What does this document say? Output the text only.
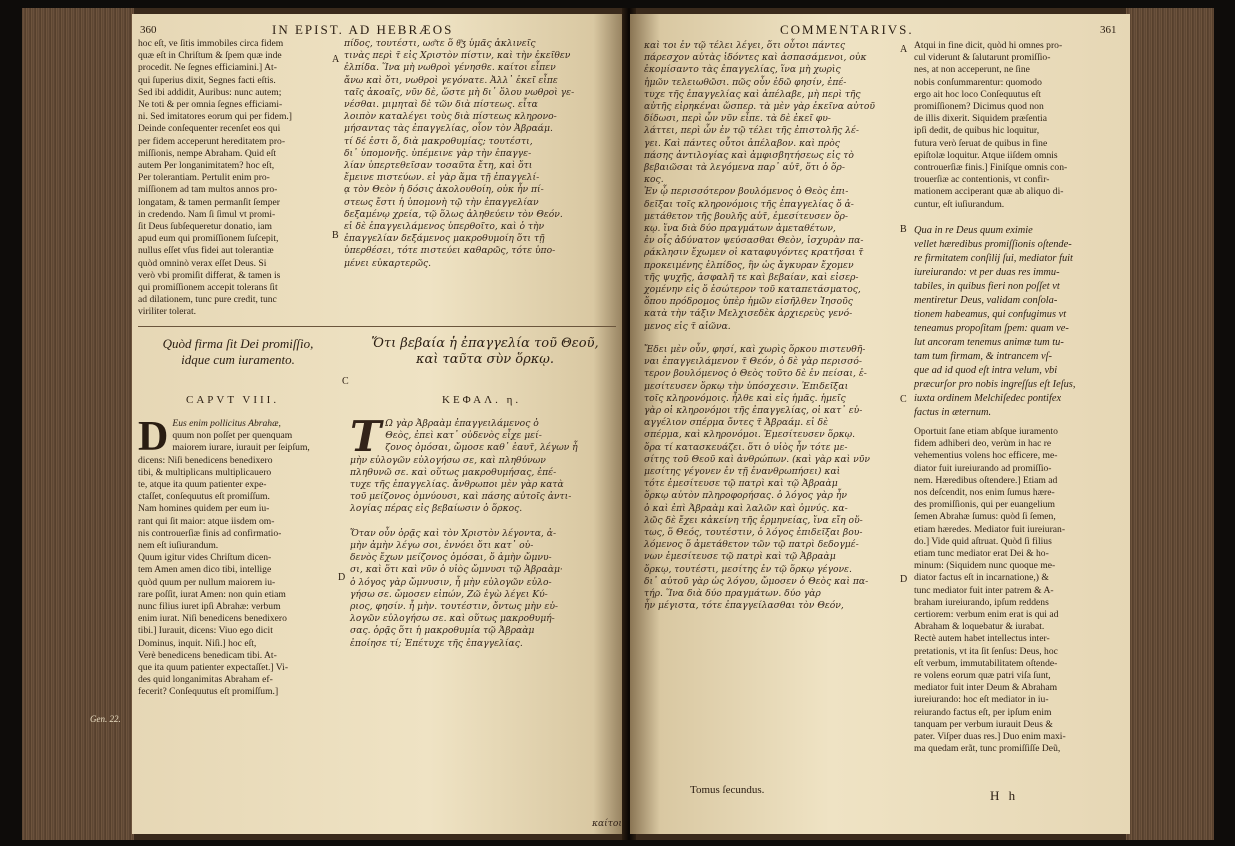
360	IN EPIST. AD HEBRÆOS

hoc eſt, ve ſitis immobiles circa fidem

quæ eſt in Chriſtum & ſpem quæ inde

procedit. Ne ſegnes efficiamini.] At-

qui ſuperius dixit, Segnes facti eſtis.

Sed ibi addidit, Auribus: nunc autem;

Ne toti & per omnia ſegnes efficiami-

ni. Sed imitatores eorum qui per fidem.]

Deinde conſequenter recenſet eos qui

per fidem acceperunt hereditatem pro-

miſſionis, nempe Abraham. Quid eſt

autem Per longanimitatem? hoc eſt,

Per tolerantiam. Pertulit enim pro-

miſſionem ad tam multos annos pro-

longatam, & tamen permanſit ſemper

in credendo. Nam ſi ſimul vt promi-

ſit Deus ſubſequeretur donatio, iam

apud eum qui promiſſionem ſuſcepit,

nullus eſſet vſus fidei aut tolerantiæ

quòd omninò verax eſſet Deus. Si

verò vbi promiſit differat, & tamen is

qui promiſſionem accepit tolerans ſit

ad dilationem, tunc pure credit, tunc

viriliter tolerat.

A
B

πίδος, τουτέστι, ωσ͂τε ὅ θ͂ʒ ὑμᾶς ἀκλινεῖς

τινὰς περὶ τ̃ εἰς Χριστὸν πίστιν, καὶ τὴν ἐκεῖθεν

ἐλπίδα. Ἵνα μὴ νωθροὶ γένησθε. καίτοι εἶπεν

ἄνω καὶ ὅτι, νωθροὶ γεγόνατε. Ἀλλ᾿ ἐκεῖ εἶπε

ταῖς ἀκοαῖς, νῦν δὲ, ὥστε μὴ δι᾿ ὅλου νωθροὶ γε-

νέσθαι. μιμηταὶ δὲ τῶν διὰ πίστεως. εἶτα

λοιπὸν καταλέγει τοὺς διὰ πίστεως κληρονο-

μήσαντας τὰς ἐπαγγελίας, οἷον τὸν Ἀβραάμ.

τί δέ ἐστι ὅ, διὰ μακροθυμίας; τουτέστι,

δι᾿ ὑπομονῆς. ὑπέμεινε γὰρ τὴν ἐπαγγε-

λίαν ὑπερτεθεῖσαν τοσαῦτα ἔτη, καὶ ὅτι

ἔμεινε πιστεύων. εἰ γὰρ ἅμα τῇ ἐπαγγελί-

ᾳ τὸν Θεὸν ἡ δόσις ἀκολουθοίη, οὐκ ἦν πί-

στεως ἔστι ἡ ὑπομονὴ τῷ τὴν ἐπαγγελίαν

δεξαμένῳ χρεία, τῷ ὅλως ἀληθεύειν τὸν Θεόν.

εἰ δὲ ἐπαγγειλάμενος ὑπερθοῖτο, καὶ ὁ τὴν

ἐπαγγελίαν δεξάμενος μακροθυμοίη ὅτι τῇ

ὑπερθέσει, τότε πιστεύει καθαρῶς, τότε ὑπο-

μένει εὐκαρτερῶς.

Quòd firma ſit Dei promiſſio,
idque cum iuramento.
C
Ὅτι βεβαία ἡ ἐπαγγελία τοῦ Θεοῦ,
καὶ ταῦτα σὺν ὅρκῳ.
CAPVT VIII.	ΚΕΦΑΛ. η.
D Eus enim pollicitus Abrahæ,

quum non poſſet per quenquam

maiorem iurare, iurauit per ſeipſum,

dicens: Niſi benedicens benedixero

tibi, & multiplicans multiplicauero

te, atque ita quum patienter expe-

ctaſſet, conſequutus eſt promiſſum.

Nam homines quidem per eum iu-

rant qui ſit maior: atque iisdem om-

nis controuerſiæ finis ad confirmatio-

nem eſt iuſiurandum.

Quum igitur vides Chriſtum dicen-

tem Amen amen dico tibi, intellige

quòd quum per nullum maiorem iu-

rare poſſit, iurat Amen: non quin etiam

nunc filius iuret ipſi Abrahæ: verbum

enim iurat. Niſi benedicens benedixero

tibi.] Iurauit, dicens: Viuo ego dicit

Dominus, inquit. Niſi.] hoc eſt,

Verè benedicens benedicam tibi. At-

que ita quum patienter expectaſſet.] Vi-

des quid longanimitas Abraham ef-

fecerit? Conſequutus eſt promiſſum.]

D
Τ Ω γὰρ Ἀβραὰμ ἐπαγγειλάμενος ὁ

Θεὸς, ἐπεὶ κατ᾿ οὐδενὸς εἶχε μεί-

ζονος ὀμόσαι, ὤμοσε καθ᾿ ἑαυτ̃, λέγων ἦ

μὴν εὐλογῶν εὐλογήσω σε, καὶ πληθύνων

πληθυνῶ σε. καὶ οὕτως μακροθυμήσας, ἐπέ-

τυχε τῆς ἐπαγγελίας. ἄνθρωποι μὲν γὰρ κατὰ

τοῦ μείζονος ὀμνύουσι, καὶ πάσης αὐτοῖς ἀντι-

λογίας πέρας εἰς βεβαίωσιν ὁ ὅρκος.

Ὅταν οὖν ὁρᾷς καὶ τὸν Χριστὸν λέγοντα, ἀ-

μὴν ἀμὴν λέγω σοι, ἐννόει ὅτι κατ᾿ οὐ-

δενὸς ἔχων μείζονος ὀμόσαι, ὅ ἀμὴν ὤμνυ-

σι, καὶ ὅτι καὶ νῦν ὁ υἱὸς ὤμνυσι τῷ Ἀβραὰμ·

ὁ λόγος γὰρ ὤμνυσιν, ἦ μὴν εὐλογῶν εὐλο-

γήσω σε. ὤμοσεν εἰπών, Ζῶ ἐγὼ λέγει Κύ-

ριος, φησίν. ἦ μὴν. τουτέστιν, ὄντως μὴν εὐ-

λογῶν εὐλογήσω σε. καὶ οὕτως μακροθυμή-

σας. ὁρᾷς ὅτι ἡ μακροθυμία τῷ Ἀβραὰμ

ἐποίησε τί; Ἐπέτυχε τῆς ἐπαγγελίας.

καίτοι
Gen. 22.
COMMENTARIVS.	361

καὶ τοι ἐν τῷ τέλει λέγει, ὅτι οὗτοι πάντες

πάρεσχον αὐτὰς ἰδόντες καὶ ἀσπασάμενοι, οὐκ

ἐκομίσαντο τὰς ἐπαγγελίας, ἵνα μὴ χωρὶς

ἡμῶν τελειωθῶσι. πῶς οὖν ἐδῶ φησίν, ἐπέ-

τυχε τῆς ἐπαγγελίας καὶ ἀπέλαβε, μὴ περὶ τῆς

αὐτῆς εἰρηκέναι ὥσπερ. τὰ μὲν γὰρ ἐκεῖνα αὐτοῦ

δίδωσι, περὶ ὧν νῦν εἶπε. τὰ δὲ ἐκεῖ φυ-

λάττει, περὶ ὧν ἐν τῷ τέλει τῆς ἐπιστολῆς λέ-

γει. Καὶ πάντες οὗτοι ἀπέλαβον. καὶ πρὸς

πάσης ἀντιλογίας καὶ ἀμφισβητήσεως εἰς τὸ

βεβαιῶσαι τὰ λεγόμενα παρ᾿ αὐτ̃, ὅτι ὁ ὅρ-

κος.

Ἐν ᾧ περισσότερον βουλόμενος ὁ Θεὸς ἐπι-

δεῖξαι τοῖς κληρονόμοις τῆς ἐπαγγελίας ὅ ἀ-

μετάθετον τῆς βουλῆς αὐτ̃, ἐμεσίτευσεν ὅρ-

κῳ. ἵνα διὰ δύο πραγμάτων ἀμεταθέτων,

ἐν οἷς ἀδύνατον ψεύσασθαι Θεὸν, ἰσχυρὰν πα-

ράκλησιν ἔχωμεν οἱ καταφυγόντες κρατῆσαι τ̃

προκειμένης ἐλπίδος, ἣν ὡς ἄγκυραν ἔχομεν

τῆς ψυχῆς, ἀσφαλῆ τε καὶ βεβαίαν, καὶ εἰσερ-

χομένην εἰς ὅ ἐσώτερον τοῦ καταπετάσματος,

ὅπου πρόδρομος ὑπὲρ ἡμῶν εἰσῆλθεν Ἰησοῦς

κατὰ τὴν τάξιν Μελχισεδὲκ ἀρχιερεὺς γενό-

μενος εἰς τ̃ αἰῶνα.

A
B
C
D

Atqui in fine dicit, quòd hi omnes pro-

cul viderunt & ſalutarunt promiſſio-

nes, at non acceperunt, ne ſine

nobis conſummarentur: quomodo

ergo ait hoc loco Conſequutus eſt

promiſſionem? Dicimus quod non

de illis dixerit. Siquidem præſentia

ipſi dedit, de quibus hic loquitur,

futura verò ſeruat de quibus in fine

epiſtolæ loquitur. Atque iiſdem omnis

controuerſiæ finis.] Finiſque omnis con-

trouerſiæ ac contentionis, vt confir-

mationem acciperant quæ ab aliquo di-

cuntur, eſt iuſiurandum.

Qua in re Deus quum eximie

vellet hæredibus promiſſionis oſtende-

re firmitatem conſilij ſui, mediator fuit

iureiurando: vt per duas res immu-

tabiles, in quibus fieri non poſſet vt

mentiretur Deus, validam conſola-

tionem habeamus, qui confugimus vt

teneamus propoſitam ſpem: quam ve-

lut ancoram tenemus animæ tum tu-

tam tum firmam, & intrancem vſ-

que ad id quod eſt intra velum, vbi

præcurſor pro nobis ingreſſus eſt Ieſus,

iuxta ordinem Melchiſedec pontifex

factus in æternum.

Oportuit ſane etiam abſque iuramento

fidem adhiberi deo, verùm in hac re

vehementius volens hoc efficere, me-

diator fuit iureiurando ad promiſſio-

nem. Hæredibus oſtendere.] Etiam ad

nos deſcendit, nos enim ſumus hære-

des promiſſionis, qui per euangelium

ſemen Abrahæ ſumus: quòd ſi ſemen,

etiam hæredes. Mediator fuit iureiuran-

do.] Vide quid aſtruat. Quòd ſi filius

etiam tunc mediator erat Dei & ho-

minum: (Siquidem nunc quoque me-

diator factus eſt in incarnatione,) &

tunc mediator fuit inter patrem & A-

braham iureiurando, ipſum reddens

certiorem: verbum enim erat is qui ad

Abraham & loquebatur & iurabat.

Rectè autem habet intellectus inter-

pretationis, vt ita ſit ſenſus: Deus, hoc

eſt verbum, immutabilitatem oſtende-

re volens eorum quæ patri viſa ſunt,

mediator fuit inter Deum & Abraham

iureiurando: hoc eſt mediator in iu-

reiurando factus eſt, per ipſum enim

tanquam per verbum iurauit Deus &

pater. Viſper duas res.] Duo enim maxi-

ma quedam erãt, tunc promiſſiſſe Deũ,

Ἔδει μὲν οὖν, φησί, καὶ χωρὶς ὅρκου πιστευθῆ-

ναι ἐπαγγειλάμενον τ̃ Θεόν, ὁ δὲ γὰρ περισσό-

τερον βουλόμενος ὁ Θεὸς τοῦτο δὲ ἐν πείσαι, ἐ-

μεσίτευσεν ὅρκῳ τὴν ὑπόσχεσιν. Ἐπιδεῖξαι

τοῖς κληρονόμοις. ἦλθε καὶ εἰς ἡμᾶς. ἡμεῖς

γὰρ οἱ κληρονόμοι τῆς ἐπαγγελίας, οἱ κατ᾿ εὐ-

αγγέλιον σπέρμα ὄντες τ̃ Ἀβραάμ. εἰ δὲ

σπέρμα, καὶ κληρονόμοι. Ἐμεσίτευσεν ὅρκῳ.

ὅρα τί κατασκευάζει. ὅτι ὁ υἱὸς ἦν τότε με-

σίτης τοῦ Θεοῦ καὶ ἀνθρώπων. (καὶ γὰρ καὶ νῦν

μεσίτης γέγονεν ἐν τῇ ἐνανθρωπήσει) καὶ

τότε ἐμεσίτευσε τῷ πατρὶ καὶ τῷ Ἀβραὰμ

ὅρκῳ αὐτὸν πληροφορήσας. ὁ λόγος γὰρ ἦν

ὁ καὶ ἐπὶ Ἀβραὰμ καὶ λαλῶν καὶ ὀμνύς. κα-

λῶς δὲ ἔχει κἀκείνη τῆς ἑρμηνείας, ἵνα εἴη οὕ-

τως, ὅ Θεός, τουτέστιν, ὁ λόγος ἐπιδεῖξαι βου-

λόμενος ὅ ἀμετάθετον τῶν τῷ πατρὶ δεδογμέ-

νων ἐμεσίτευσε τῷ πατρὶ καὶ τῷ Ἀβραὰμ

ὅρκῳ, τουτέστι, μεσίτης ἐν τῷ ὅρκῳ γέγονε.

δι᾿ αὐτοῦ γὰρ ὡς λόγου, ὤμοσεν ὁ Θεὸς καὶ πα-

τήρ. Ἵνα διὰ δύο πραγμάτων. δύο γὰρ

ἦν μέγιστα, τότε ἐπαγγείλασθαι τὸν Θεόν,

Tomus ſecundus.	H h
